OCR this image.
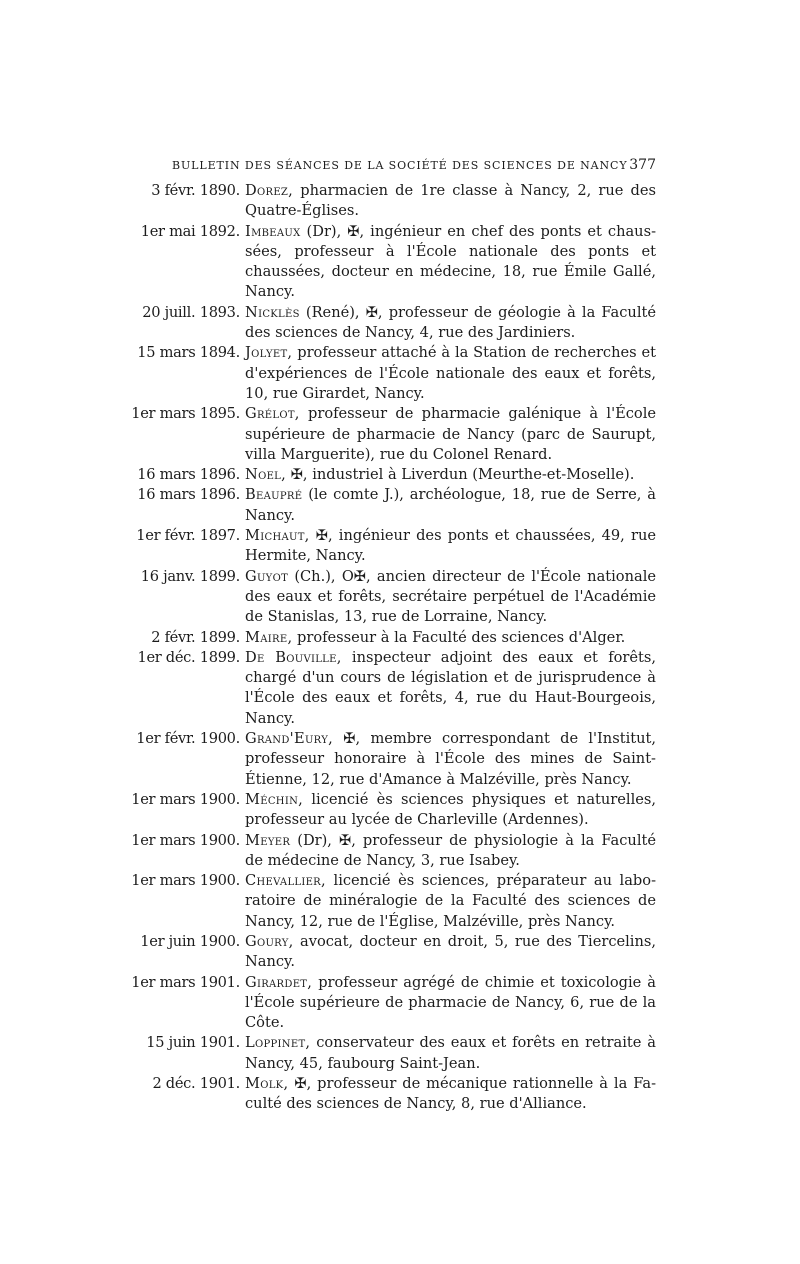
BULLETIN DES SÉANCES DE LA SOCIÉTÉ DES SCIENCES DE NANCY 377
3 févr. 1890. Dorez, pharmacien de 1re classe à Nancy, 2, rue des Quatre-Églises.
1er mai 1892. Imbeaux (Dr), ✠, ingénieur en chef des ponts et chaussées, professeur à l'École nationale des ponts et chaussées, docteur en médecine, 18, rue Émile Gallé, Nancy.
20 juill. 1893. Nicklès (René), ✠, professeur de géologie à la Faculté des sciences de Nancy, 4, rue des Jardiniers.
15 mars 1894. Jolyet, professeur attaché à la Station de recherches et d'expériences de l'École nationale des eaux et forêts, 10, rue Girardet, Nancy.
1er mars 1895. Grélot, professeur de pharmacie galénique à l'École supérieure de pharmacie de Nancy (parc de Saurupt, villa Marguerite), rue du Colonel Renard.
16 mars 1896. Noel, ✠, industriel à Liverdun (Meurthe-et-Moselle).
16 mars 1896. Beaupré (le comte J.), archéologue, 18, rue de Serre, à Nancy.
1er févr. 1897. Michaut, ✠, ingénieur des ponts et chaussées, 49, rue Hermite, Nancy.
16 janv. 1899. Guyot (Ch.), O✠, ancien directeur de l'École nationale des eaux et forêts, secrétaire perpétuel de l'Académie de Stanislas, 13, rue de Lorraine, Nancy.
2 févr. 1899. Maire, professeur à la Faculté des sciences d'Alger.
1er déc. 1899. De Bouville, inspecteur adjoint des eaux et forêts, chargé d'un cours de législation et de jurisprudence à l'École des eaux et forêts, 4, rue du Haut-Bourgeois, Nancy.
1er févr. 1900. Grand'Eury, ✠, membre correspondant de l'Institut, professeur honoraire à l'École des mines de Saint-Étienne, 12, rue d'Amance à Malzéville, près Nancy.
1er mars 1900. Méchin, licencié ès sciences physiques et naturelles, professeur au lycée de Charleville (Ardennes).
1er mars 1900. Meyer (Dr), ✠, professeur de physiologie à la Faculté de médecine de Nancy, 3, rue Isabey.
1er mars 1900. Chevallier, licencié ès sciences, préparateur au laboratoire de minéralogie de la Faculté des sciences de Nancy, 12, rue de l'Église, Malzéville, près Nancy.
1er juin 1900. Goury, avocat, docteur en droit, 5, rue des Tiercelins, Nancy.
1er mars 1901. Girardet, professeur agrégé de chimie et toxicologie à l'École supérieure de pharmacie de Nancy, 6, rue de la Côte.
15 juin 1901. Loppinet, conservateur des eaux et forêts en retraite à Nancy, 45, faubourg Saint-Jean.
2 déc. 1901. Molk, ✠, professeur de mécanique rationnelle à la Faculté des sciences de Nancy, 8, rue d'Alliance.
